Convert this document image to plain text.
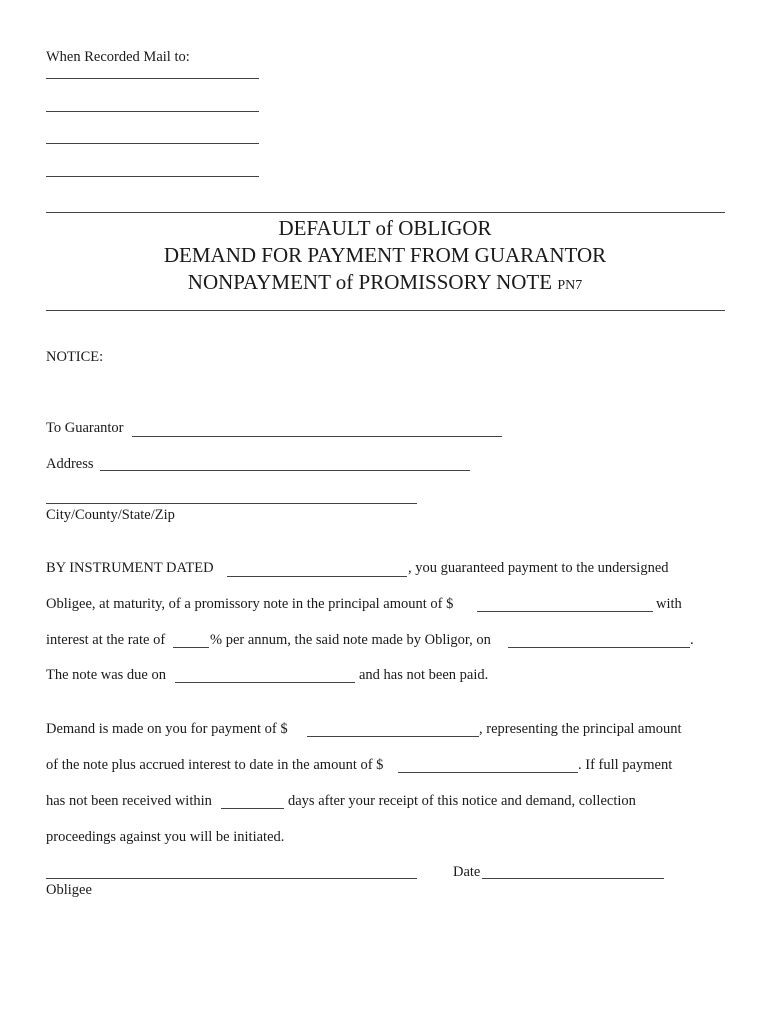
When Recorded Mail to:
DEFAULT of OBLIGOR
DEMAND FOR PAYMENT FROM GUARANTOR
NONPAYMENT of PROMISSORY NOTE PN7
NOTICE:
To Guarantor
Address
City/County/State/Zip
BY INSTRUMENT DATED	, you guaranteed payment to the undersigned
Obligee, at maturity, of a promissory note in the principal amount of $	with
interest at the rate of	% per annum, the said note made by Obligor, on	.
The note was due on	and has not been paid.
Demand is made on you for payment of $	, representing the principal amount
of the note plus accrued interest to date in the amount of $	. If full payment
has not been received within	days after your receipt of this notice and demand, collection
proceedings against you will be initiated.
Obligee
Date
